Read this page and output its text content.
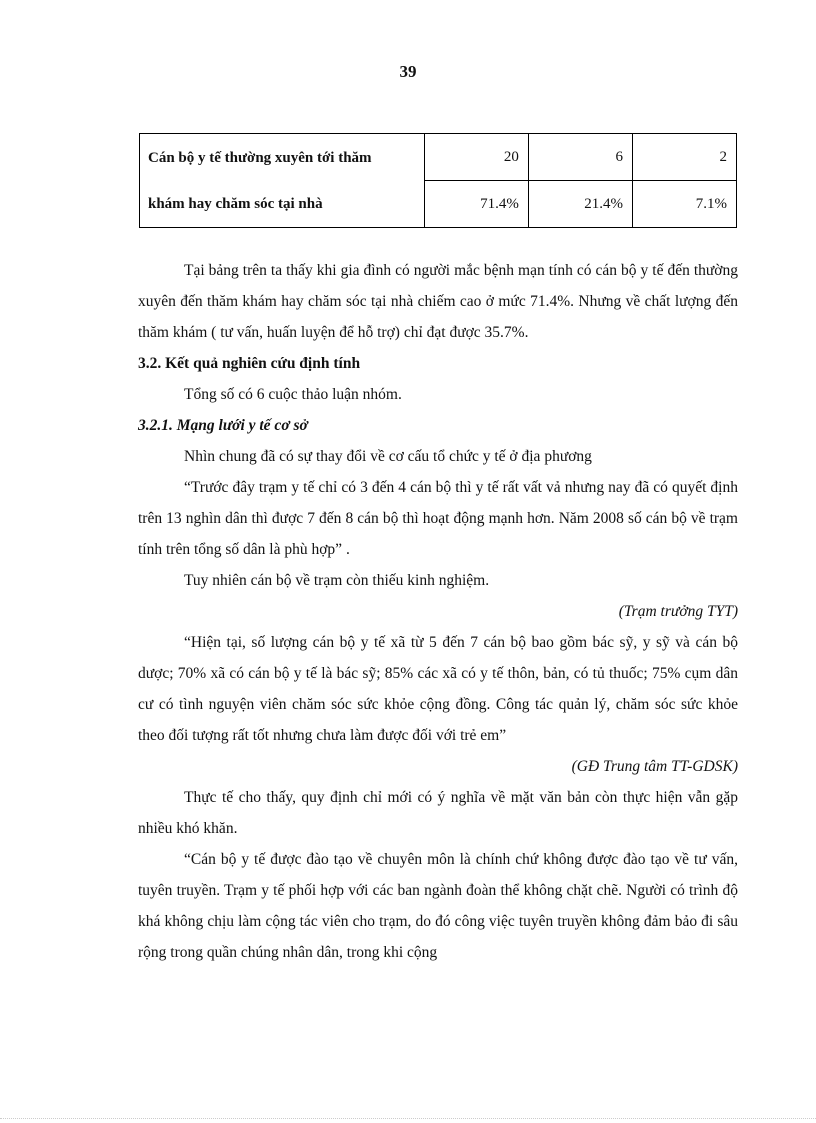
39
Cán bộ y tế thường xuyên tới thăm
khám hay chăm sóc tại nhà	20	6	2
	71.4%	21.4%	7.1%

Tại bảng trên ta thấy khi gia đình có người mắc bệnh mạn tính có cán bộ y tế đến thường xuyên đến thăm khám hay chăm sóc tại nhà chiếm cao ở mức 71.4%. Nhưng về chất lượng đến thăm khám ( tư vấn, huấn luyện để hỗ trợ) chỉ đạt được 35.7%.

3.2. Kết quả nghiên cứu định tính

Tổng số có 6 cuộc thảo luận nhóm.

3.2.1. Mạng lưới y tế cơ sở

Nhìn chung đã có sự thay đổi về cơ cấu tổ chức y tế ở địa phương

“Trước đây trạm y tế chỉ có 3 đến 4 cán bộ thì y tế rất vất vả nhưng nay đã có quyết định trên 13 nghìn dân thì được 7 đến 8 cán bộ thì hoạt động mạnh hơn. Năm 2008 số cán bộ về trạm tính trên tổng số dân là phù hợp” .

Tuy nhiên cán bộ về trạm còn thiếu kinh nghiệm.

(Trạm trưởng TYT)

“Hiện tại, số lượng cán bộ y tế xã từ 5 đến 7 cán bộ bao gồm bác sỹ, y sỹ và cán bộ dược; 70% xã có cán bộ y tế là bác sỹ; 85% các xã có y tế thôn, bản, có tủ thuốc; 75% cụm dân cư có tình nguyện viên chăm sóc sức khỏe cộng đồng. Công tác quản lý, chăm sóc sức khỏe theo đối tượng rất tốt nhưng chưa làm được đối với trẻ em”

(GĐ Trung tâm TT-GDSK)

Thực tế cho thấy, quy định chỉ mới có ý nghĩa về mặt văn bản còn thực hiện vẫn gặp nhiều khó khăn.

“Cán bộ y tế được đào tạo về chuyên môn là chính chứ không được đào tạo về tư vấn, tuyên truyền. Trạm y tế phối hợp với các ban ngành đoàn thể không chặt chẽ. Người có trình độ khá không chịu làm cộng tác viên cho trạm, do đó công việc tuyên truyền không đảm bảo đi sâu rộng trong quần chúng nhân dân, trong khi cộng
